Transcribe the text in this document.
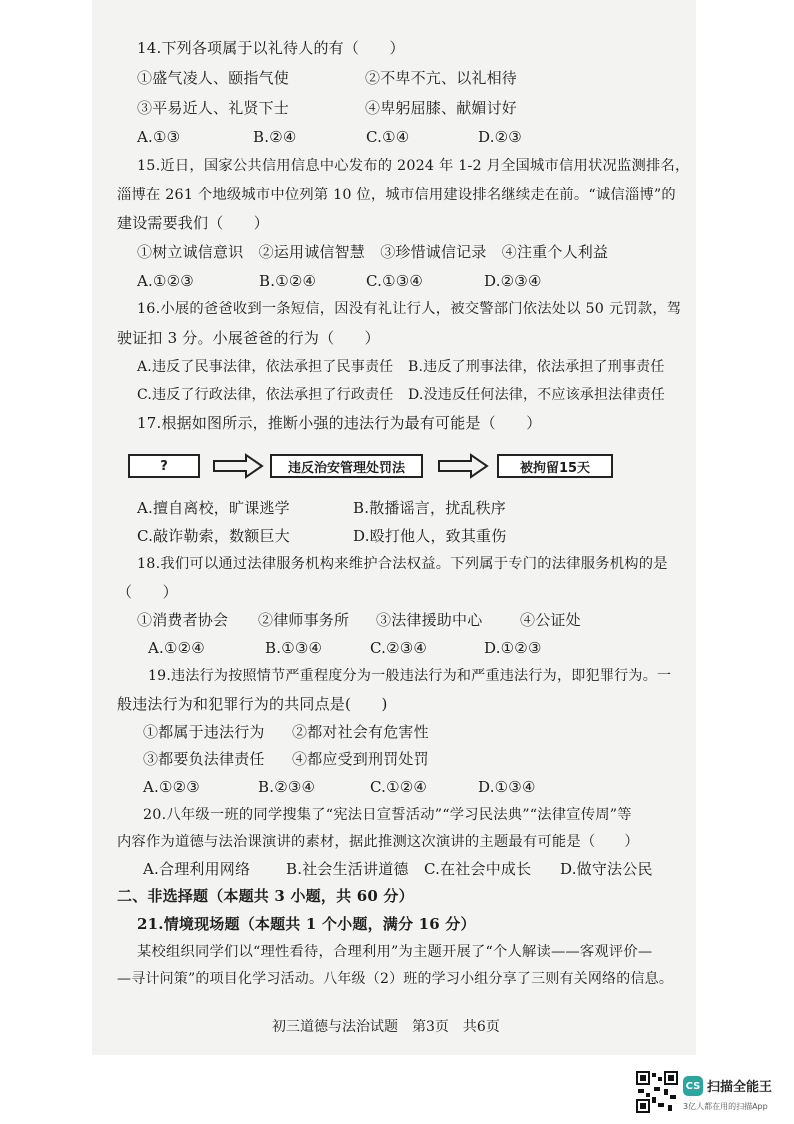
14.下列各项属于以礼待人的有（　　）
①盛气凌人、颐指气使	②不卑不亢、以礼相待
③平易近人、礼贤下士	④卑躬屈膝、献媚讨好
A.①③	B.②④	C.①④	D.②③
15.近日，国家公共信用信息中心发布的 2024 年 1-2 月全国城市信用状况监测排名，
淄博在 261 个地级城市中位列第 10 位，城市信用建设排名继续走在前。“诚信淄博”的
建设需要我们（　　）
①树立诚信意识　②运用诚信智慧　③珍惜诚信记录　④注重个人利益
A.①②③	B.①②④	C.①③④	D.②③④
16.小展的爸爸收到一条短信，因没有礼让行人，被交警部门依法处以 50 元罚款，驾
驶证扣 3 分。小展爸爸的行为（　　）
A.违反了民事法律，依法承担了民事责任 B.违反了刑事法律，依法承担了刑事责任
C.违反了行政法律，依法承担了行政责任 D.没违反任何法律，不应该承担法律责任
17.根据如图所示，推断小强的违法行为最有可能是（　　）
?	违反治安管理处罚法	被拘留15天
A.擅自离校，旷课逃学	B.散播谣言，扰乱秩序
C.敲诈勒索，数额巨大	D.殴打他人，致其重伤
18.我们可以通过法律服务机构来维护合法权益。下列属于专门的法律服务机构的是
（　　）
①消费者协会 ②律师事务所 ③法律援助中心	④公证处
A.①②④	B.①③④	C.②③④	D.①②③
19.违法行为按照情节严重程度分为一般违法行为和严重违法行为，即犯罪行为。一
般违法行为和犯罪行为的共同点是(　　)
①都属于违法行为 ②都对社会有危害性
③都要负法律责任 ④都应受到刑罚处罚
A.①②③	B.②③④	C.①②④	D.①③④
20.八年级一班的同学搜集了“宪法日宣誓活动”“学习民法典”“法律宣传周”等
内容作为道德与法治课演讲的素材，据此推测这次演讲的主题最有可能是（　　）
A.合理利用网络 B.社会生活讲道德 C.在社会中成长 D.做守法公民
二、非选择题（本题共 3 小题，共 60 分）
21.情境现场题（本题共 1 个小题，满分 16 分）
某校组织同学们以“理性看待，合理利用”为主题开展了“个人解读——客观评价—
—寻计问策”的项目化学习活动。八年级（2）班的学习小组分享了三则有关网络的信息。
初三道德与法治试题　第3页　共6页
CS 扫描全能王
3亿人都在用的扫描App
